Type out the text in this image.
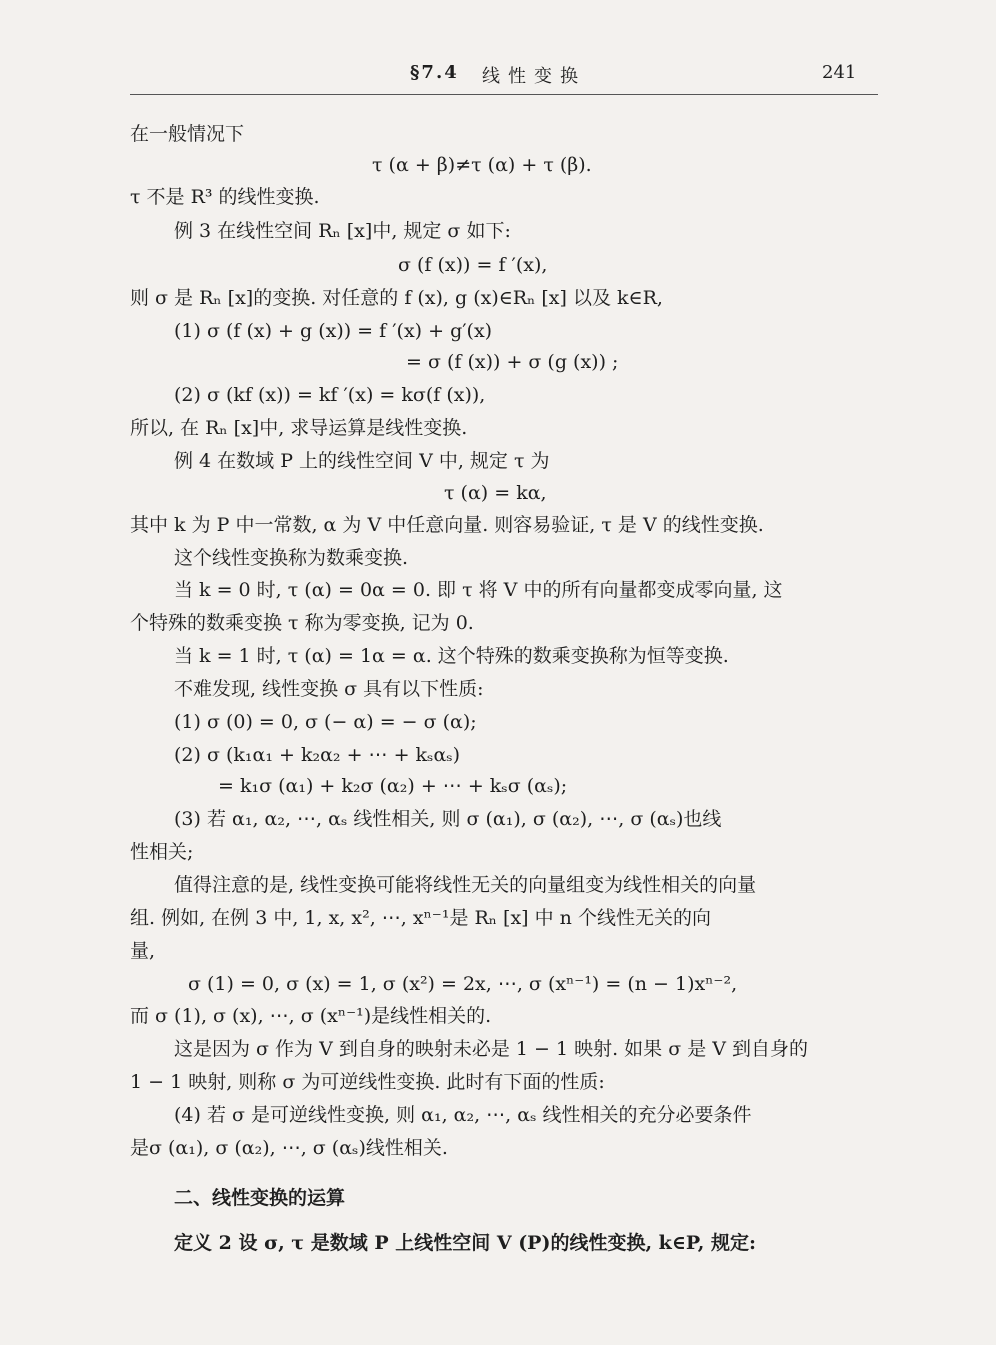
§7.4 线性变换	241
在一般情况下
τ (α + β)≠τ (α) + τ (β).
τ 不是 R³ 的线性变换.
例 3 在线性空间 Rₙ [x]中, 规定 σ 如下:
σ (f (x)) = f ′(x),
则 σ 是 Rₙ [x]的变换. 对任意的 f (x), g (x)∈Rₙ [x] 以及 k∈R,
(1) σ (f (x) + g (x)) = f ′(x) + g′(x)
= σ (f (x)) + σ (g (x)) ;
(2) σ (kf (x)) = kf ′(x) = kσ(f (x)),
所以, 在 Rₙ [x]中, 求导运算是线性变换.
例 4 在数域 P 上的线性空间 V 中, 规定 τ 为
τ (α) = kα,
其中 k 为 P 中一常数, α 为 V 中任意向量. 则容易验证, τ 是 V 的线性变换.
这个线性变换称为数乘变换.
当 k = 0 时, τ (α) = 0α = 0. 即 τ 将 V 中的所有向量都变成零向量, 这
个特殊的数乘变换 τ 称为零变换, 记为 0.
当 k = 1 时, τ (α) = 1α = α. 这个特殊的数乘变换称为恒等变换.
不难发现, 线性变换 σ 具有以下性质:
(1) σ (0) = 0, σ (− α) = − σ (α);
(2) σ (k₁α₁ + k₂α₂ + ⋯ + kₛαₛ)
= k₁σ (α₁) + k₂σ (α₂) + ⋯ + kₛσ (αₛ);
(3) 若 α₁, α₂, ⋯, αₛ 线性相关, 则 σ (α₁), σ (α₂), ⋯, σ (αₛ)也线
性相关;
值得注意的是, 线性变换可能将线性无关的向量组变为线性相关的向量
组. 例如, 在例 3 中, 1, x, x², ⋯, xⁿ⁻¹是 Rₙ [x] 中 n 个线性无关的向
量,
σ (1) = 0, σ (x) = 1, σ (x²) = 2x, ⋯, σ (xⁿ⁻¹) = (n − 1)xⁿ⁻²,
而 σ (1), σ (x), ⋯, σ (xⁿ⁻¹)是线性相关的.
这是因为 σ 作为 V 到自身的映射未必是 1 − 1 映射. 如果 σ 是 V 到自身的
1 − 1 映射, 则称 σ 为可逆线性变换. 此时有下面的性质:
(4) 若 σ 是可逆线性变换, 则 α₁, α₂, ⋯, αₛ 线性相关的充分必要条件
是σ (α₁), σ (α₂), ⋯, σ (αₛ)线性相关.
二、线性变换的运算
定义 2 设 σ, τ 是数域 P 上线性空间 V (P)的线性变换, k∈P, 规定:
